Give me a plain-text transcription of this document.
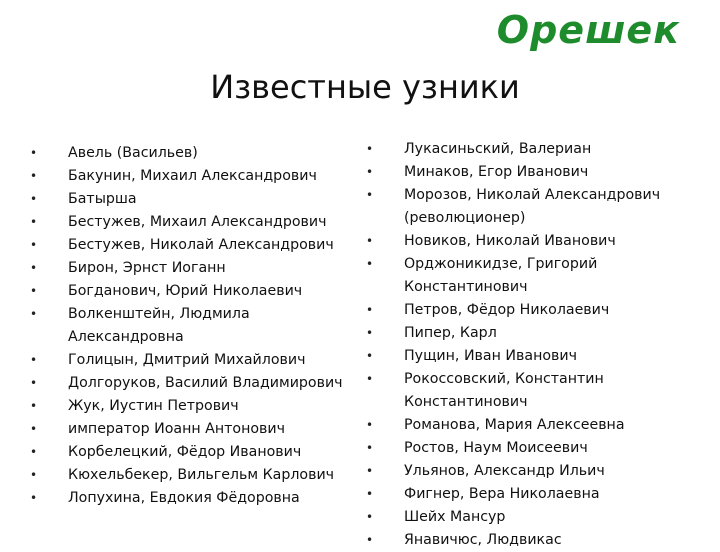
Орешек
Известные узники
• Авель (Васильев)
• Бакунин, Михаил Александрович
• Батырша
• Бестужев, Михаил Александрович
• Бестужев, Николай Александрович
• Бирон, Эрнст Иоганн
• Богданович, Юрий Николаевич
• Волкенштейн, Людмила Александровна
• Голицын, Дмитрий Михайлович
• Долгоруков, Василий Владимирович
• Жук, Иустин Петрович
• император Иоанн Антонович
• Корбелецкий, Фёдор Иванович
• Кюхельбекер, Вильгельм Карлович
• Лопухина, Евдокия Фёдоровна
• Лукасиньский, Валериан
• Минаков, Егор Иванович
• Морозов, Николай Александрович (революционер)
• Новиков, Николай Иванович
• Орджоникидзе, Григорий Константинович
• Петров, Фёдор Николаевич
• Пипер, Карл
• Пущин, Иван Иванович
• Рокоссовский, Константин Константинович
• Романова, Мария Алексеевна
• Ростов, Наум Моисеевич
• Ульянов, Александр Ильич
• Фигнер, Вера Николаевна
• Шейх Мансур
• Янавичюс, Людвикас
